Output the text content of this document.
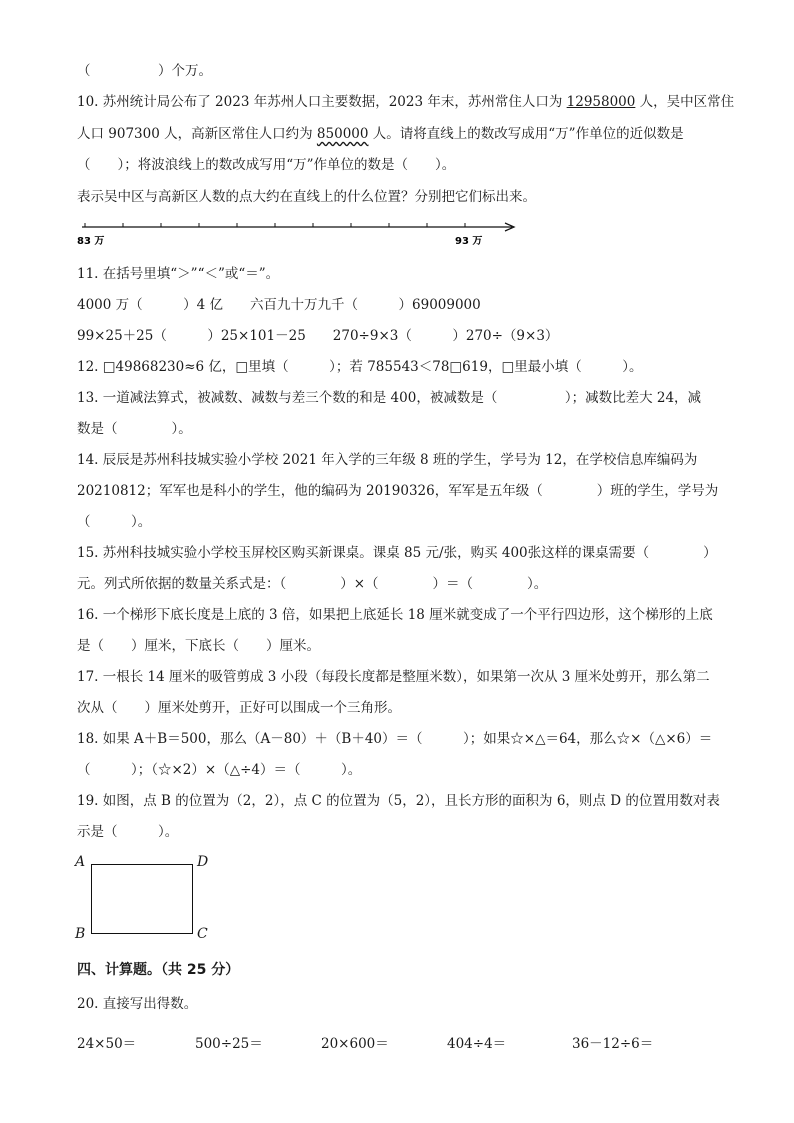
（　　　　　）个万。
10. 苏州统计局公布了 2023 年苏州人口主要数据，2023 年末，苏州常住人口为 12958000 人，吴中区常住
人口 907300 人，高新区常住人口约为 850000 人。请将直线上的数改写成用“万”作单位的近似数是
（　　）；将波浪线上的数改成写用“万”作单位的数是（　　）。
表示吴中区与高新区人数的点大约在直线上的什么位置？分别把它们标出来。
83 万	93 万
11. 在括号里填“＞”“＜”或“＝”。
4000 万（　　　）4 亿　　六百九十万九千（　　　）69009000
99×25＋25（　　　）25×101－25　　270÷9×3（　　　）270÷（9×3）
12. □49868230≈6 亿，□里填（　　　）；若 785543＜78□619，□里最小填（　　　）。
13. 一道减法算式，被减数、减数与差三个数的和是 400，被减数是（　　　　　）；减数比差大 24，减
数是（　　　　）。
14. 辰辰是苏州科技城实验小学校 2021 年入学的三年级 8 班的学生，学号为 12，在学校信息库编码为
20210812；军军也是科小的学生，他的编码为 20190326，军军是五年级（　　　　）班的学生，学号为
（　　　）。
15. 苏州科技城实验小学校玉屏校区购买新课桌。课桌 85 元/张，购买 400张这样的课桌需要（　　　　）
元。列式所依据的数量关系式是：（　　　　）×（　　　　）＝（　　　　）。
16. 一个梯形下底长度是上底的 3 倍，如果把上底延长 18 厘米就变成了一个平行四边形，这个梯形的上底
是（　　）厘米，下底长（　　）厘米。
17. 一根长 14 厘米的吸管剪成 3 小段（每段长度都是整厘米数），如果第一次从 3 厘米处剪开，那么第二
次从（　　）厘米处剪开，正好可以围成一个三角形。
18. 如果 A＋B＝500，那么（A－80）＋（B＋40）＝（　　　）；如果☆×△＝64，那么☆×（△×6）＝
（　　　）；（☆×2）×（△÷4）＝（　　　）。
19. 如图，点 B 的位置为（2，2），点 C 的位置为（5，2），且长方形的面积为 6，则点 D 的位置用数对表
示是（　　　）。
A	D
B	C
四、计算题。（共 25 分）
20. 直接写出得数。
24×50＝	500÷25＝	20×600＝	404÷4＝	36－12÷6＝
